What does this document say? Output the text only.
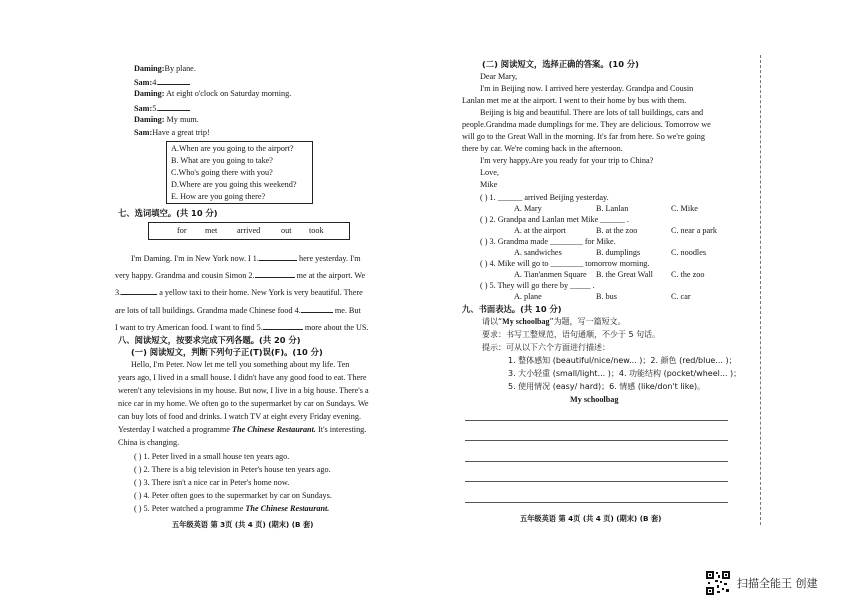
Daming:By plane.
Sam:4.
Daming: At eight o'clock on Saturday morning.
Sam:5.
Daming: My mum.
Sam:Have a great trip!
A.When are you going to the airport?
B. What are you going to take?
C.Who's going there with you?
D.Where are you going this weekend?
E. How are you going there?
七、选词填空。(共 10 分)
for met arrived	out took
I'm Daming. I'm in New York now. I 1.	here yesterday. I'm
very happy. Grandma and cousin Simon 2.	me at the airport. We
3.	a yellow taxi to their home. New York is very beautiful. There
are lots of tall buildings. Grandma made Chinese food 4.	me. But
I want to try American food. I want to find 5.	more about the US.
八、阅读短文，按要求完成下列各题。(共 20 分)
(一) 阅读短文，判断下列句子正(T)误(F)。(10 分)
Hello, I'm Peter. Now let me tell you something about my life. Ten
years ago, I lived in a small house. I didn't have any good food to eat. There
weren't any televisions in my house. But now, I live in a big house. There's a
nice car in my home. We often go to the supermarket by car on Sundays. We
can buy lots of food and drinks. I watch TV at eight every Friday evening.
Yesterday I watched a programme The Chinese Restaurant. It's interesting.
China is changing.
( ) 1. Peter lived in a small house ten years ago.
( ) 2. There is a big television in Peter's house ten years ago.
( ) 3. There isn't a nice car in Peter's home now.
( ) 4. Peter often goes to the supermarket by car on Sundays.
( ) 5. Peter watched a programme The Chinese Restaurant.
五年级英语 第 3页 (共 4 页) (期末) (B 套)
(二) 阅读短文，选择正确的答案。(10 分)
Dear Mary,
I'm in Beijing now. I arrived here yesterday. Grandpa and Cousin
Lanlan met me at the airport. I went to their home by bus with them.
Beijing is big and beautiful. There are lots of tall buildings, cars and
people.Grandma made dumplings for me. They are delicious. Tomorrow we
will go to the Great Wall in the morning. It's far from here. So we're going
there by car. We're coming back in the afternoon.
I'm very happy.Are you ready for your trip to China?
Love,
Mike
( ) 1. ______ arrived Beijing yesterday.
A. Mary	B. Lanlan	C. Mike
( ) 2. Grandpa and Lanlan met Mike ______ .
A. at the airport	B. at the zoo	C. near a park
( ) 3. Grandma made ________ for Mike.
A. sandwiches	B. dumplings	C. noodles
( ) 4. Mike will go to ________ tomorrow morning.
A. Tian'anmen Square B. the Great Wall C. the zoo
( ) 5. They will go there by _____ .
A. plane	B. bus	C. car
九、书面表达。(共 10 分)
请以“My schoolbag”为题，写一篇短文。
要求：书写工整规范，语句通顺，不少于 5 句话。
提示：可从以下六个方面进行描述：
1. 整体感知 (beautiful/nice/new... )；2. 颜色 (red/blue... )；
3. 大小轻重 (small/light... )；4. 功能结构 (pocket/wheel... )；
5. 使用情况 (easy/ hard)；6. 情感 (like/don't like)。
My schoolbag
五年级英语 第 4页 (共 4 页) (期末) (B 套)
扫描全能王 创建
